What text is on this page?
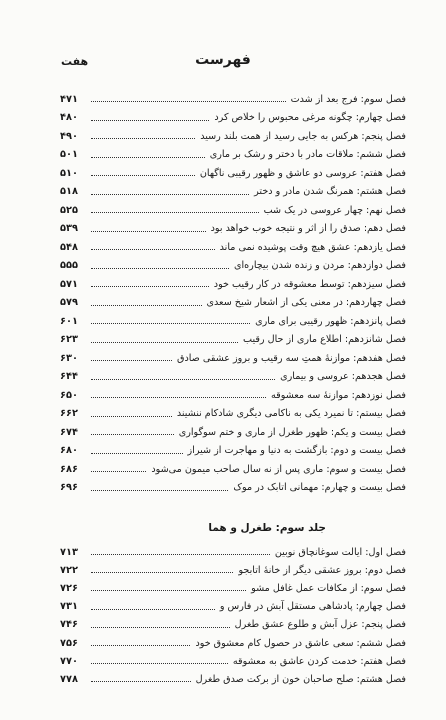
هفت	فهرست
فصل سوم: فرج بعد از شدت
۴۷۱
فصل چهارم: چگونه مرغی محبوس را خلاص کرد
۴۸۰
فصل پنجم: هرکس به جایی رسید از همت بلند رسید
۴۹۰
فصل ششم: ملاقات مادر با دختر و رشک بر ماری
۵۰۱
فصل هفتم: عروسی دو عاشق و ظهور رقیبی ناگهان
۵۱۰
فصل هشتم: همرنگ شدن مادر و دختر
۵۱۸
فصل نهم: چهار عروسی در یک شب
۵۲۵
فصل دهم: صدق را از اثر و نتیجه خوب خواهد بود
۵۳۹
فصل یازدهم: عشق هیچ وقت پوشیده نمی ماند
۵۴۸
فصل دوازدهم: مردن و زنده شدن بیچاره‌ای
۵۵۵
فصل سیزدهم: توسط معشوقه در کار رقیب خود
۵۷۱
فصل چهاردهم: در معنی یکی از اشعار شیخ سعدی
۵۷۹
فصل پانزدهم: ظهور رقیبی برای ماری
۶۰۱
فصل شانزدهم: اطلاع ماری از حال رقیب
۶۲۳
فصل هفدهم: موازنهٔ همتِ سه رقیب و بروز عشقی صادق
۶۳۰
فصل هجدهم: عروسی و بیماری
۶۴۴
فصل نوزدهم: موازنهٔ سه معشوقه
۶۵۰
فصل بیستم: تا نمیرد یکی به ناکامی دیگری شادکام ننشیند
۶۶۲
فصل بیست و یکم: ظهور طغرل از ماری و ختم سوگواری
۶۷۴
فصل بیست و دوم: بازگشت به دنیا و مهاجرت از شیراز
۶۸۰
فصل بیست و سوم: ماری پس از نه سال صاحب میمون می‌شود
۶۸۶
فصل بیست و چهارم: مهمانی اتابک در موک
۶۹۶
جلد سوم: طغرل و هما
فصل اول: ایالت سوغانچاق نوبین
۷۱۳
فصل دوم: بروز عشقی دیگر از خانهٔ اتابجو
۷۲۲
فصل سوم: از مکافات عمل غافل مشو
۷۲۶
فصل چهارم: پادشاهی مستقل آبش در فارس و
۷۳۱
فصل پنجم: عزل آبش و طلوع عشق طغرل
۷۴۶
فصل ششم: سعی عاشق در حصول کام معشوق خود
۷۵۶
فصل هفتم: خدمت کردن عاشق به معشوقه
۷۷۰
فصل هشتم: صلح صاحبان خون از برکت صدق طغرل
۷۷۸
